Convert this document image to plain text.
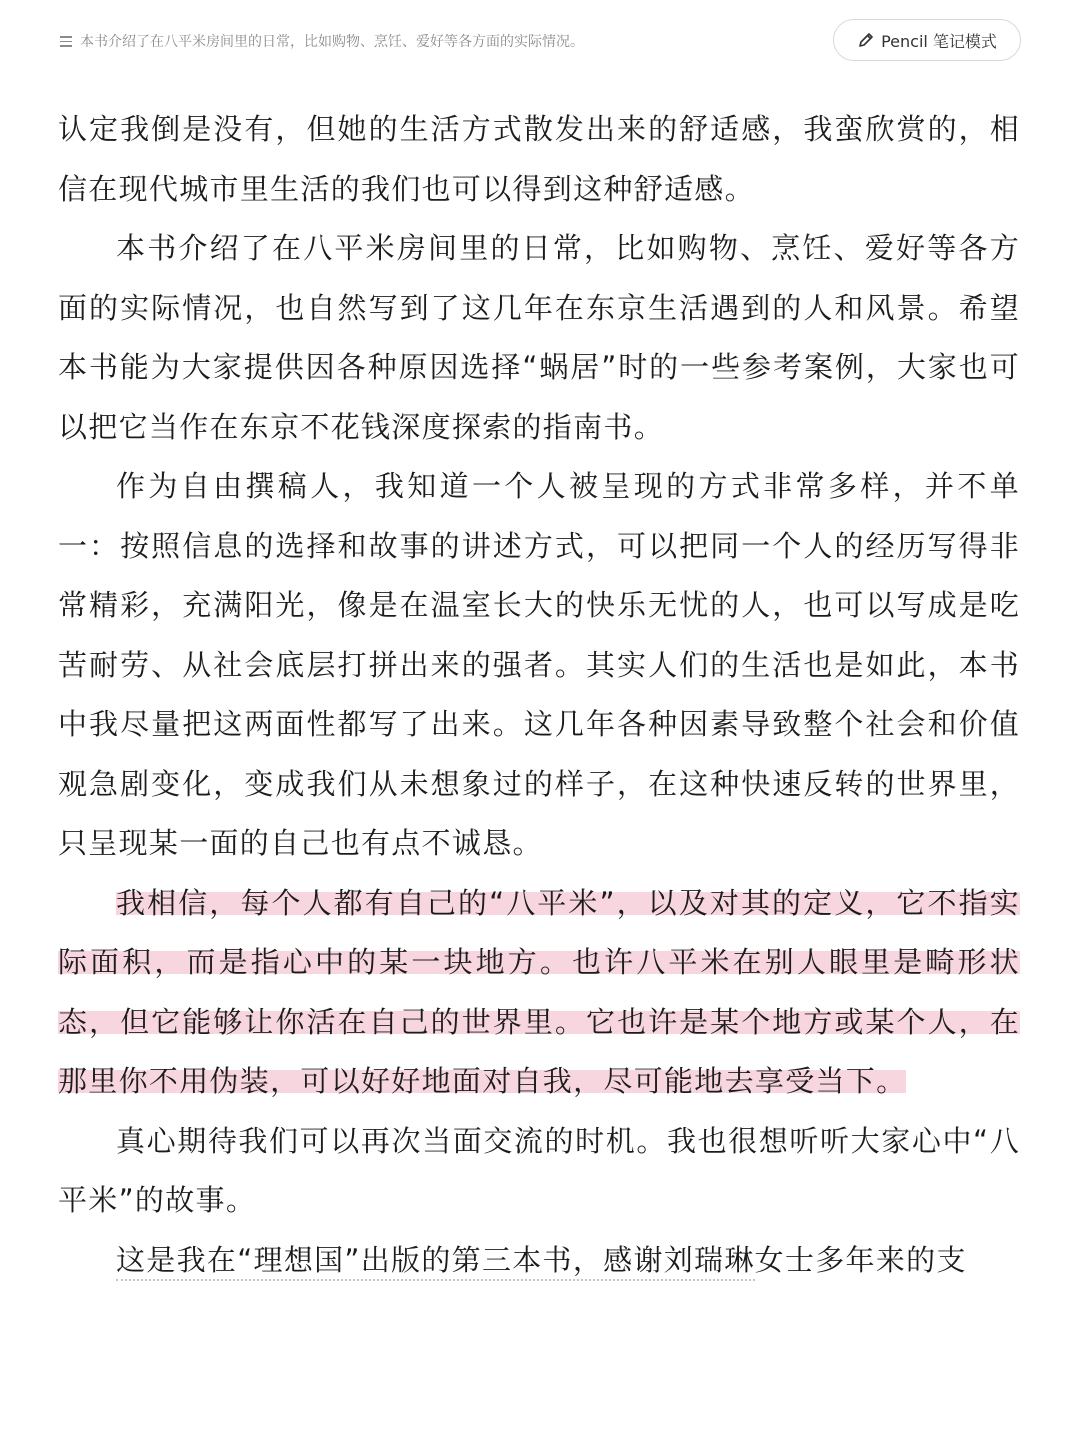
本书介绍了在八平米房间里的日常，比如购物、烹饪、爱好等各方面的实际情况。	Pencil 笔记模式

认定我倒是没有，但她的生活方式散发出来的舒适感，我蛮欣赏的，相信在现代城市里生活的我们也可以得到这种舒适感。

本书介绍了在八平米房间里的日常，比如购物、烹饪、爱好等各方面的实际情况，也自然写到了这几年在东京生活遇到的人和风景。希望本书能为大家提供因各种原因选择“蜗居”时的一些参考案例，大家也可以把它当作在东京不花钱深度探索的指南书。

作为自由撰稿人，我知道一个人被呈现的方式非常多样，并不单一：按照信息的选择和故事的讲述方式，可以把同一个人的经历写得非常精彩，充满阳光，像是在温室长大的快乐无忧的人，也可以写成是吃苦耐劳、从社会底层打拼出来的强者。其实人们的生活也是如此，本书中我尽量把这两面性都写了出来。这几年各种因素导致整个社会和价值观急剧变化，变成我们从未想象过的样子，在这种快速反转的世界里，只呈现某一面的自己也有点不诚恳。

我相信，每个人都有自己的“八平米”，以及对其的定义，它不指实际面积，而是指心中的某一块地方。也许八平米在别人眼里是畸形状态，但它能够让你活在自己的世界里。它也许是某个地方或某个人，在那里你不用伪装，可以好好地面对自我，尽可能地去享受当下。

真心期待我们可以再次当面交流的时机。我也很想听听大家心中“八平米”的故事。

这是我在“理想国”出版的第三本书，感谢刘瑞琳女士多年来的支
